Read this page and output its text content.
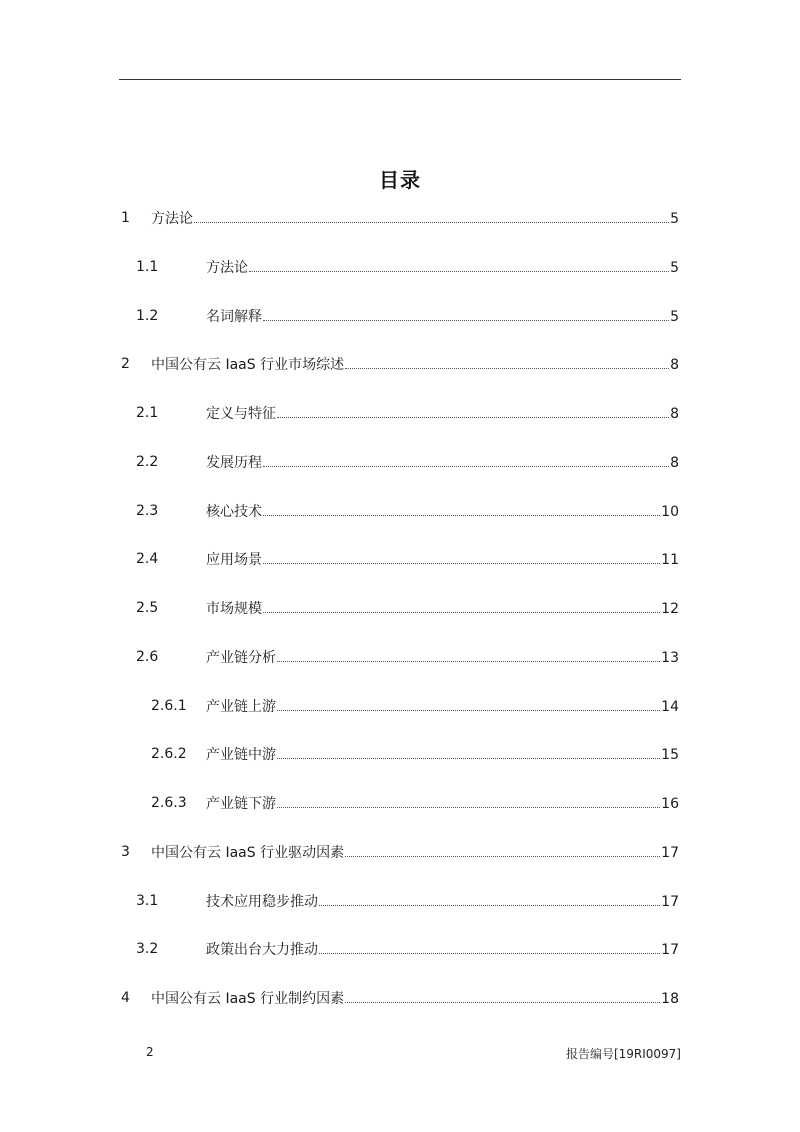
目录
1 方法论	5
1.1	方法论	5
1.2	名词解释	5
2 中国公有云 IaaS 行业市场综述	8
2.1	定义与特征	8
2.2	发展历程	8
2.3	核心技术	10
2.4	应用场景	11
2.5	市场规模	12
2.6	产业链分析	13
2.6.1 产业链上游	14
2.6.2 产业链中游	15
2.6.3 产业链下游	16
3 中国公有云 IaaS 行业驱动因素	17
3.1	技术应用稳步推动	17
3.2	政策出台大力推动	17
4 中国公有云 IaaS 行业制约因素	18
2	报告编号[19RI0097]
